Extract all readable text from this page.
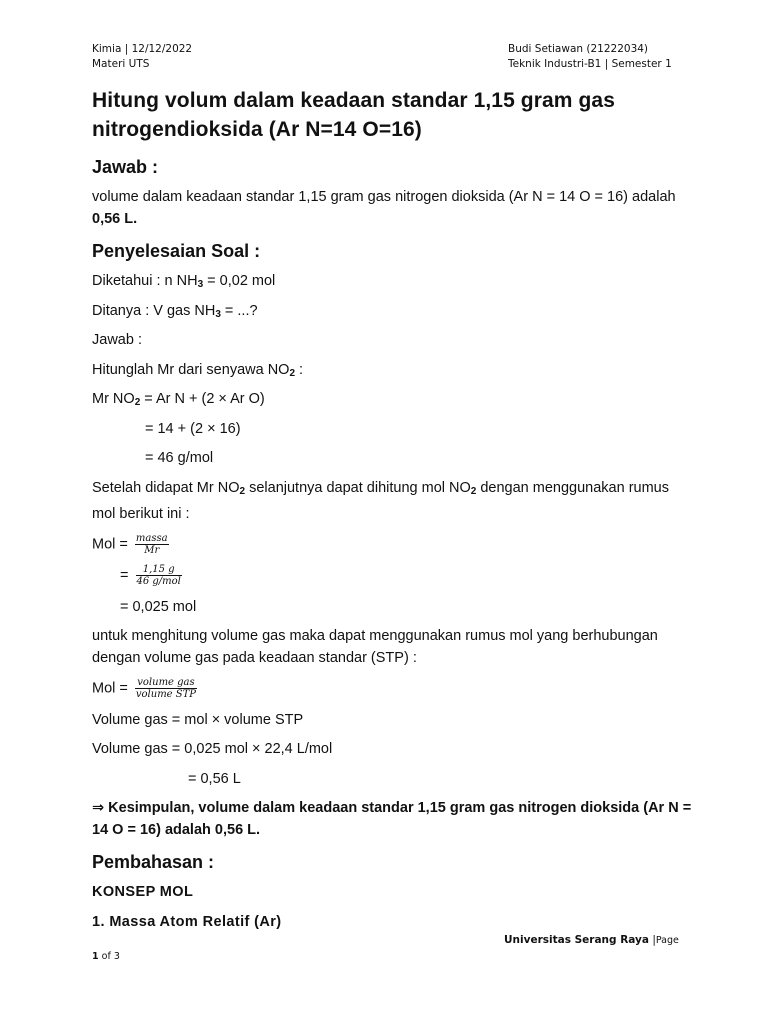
Kimia | 12/12/2022
Materi UTS
Budi Setiawan (21222034)
Teknik Industri-B1 | Semester 1
Hitung volum dalam keadaan standar 1,15 gram gas nitrogendioksida (Ar N=14 O=16)
Jawab :
volume dalam keadaan standar 1,15 gram gas nitrogen dioksida (Ar N = 14 O = 16) adalah 0,56 L.
Penyelesaian Soal :
Diketahui : n $NH_3 = 0,02$ mol
Ditanya : V gas $NH_3$ = ...?
Jawab :
Hitunglah Mr dari senyawa $NO_2$ :
Mr $NO_2 = Ar$ N + (2 × Ar O)
= 14 + (2 × 16)
= 46 g/mol
Setelah didapat Mr $NO_2$ selanjutnya dapat dihitung mol $NO_2$ dengan menggunakan rumus mol berikut ini :
Mol = $\frac{\text{massa}}{Mr}$
= $\frac{1,15 g}{\text{46 g/mol}}$
= 0,025 mol
untuk menghitung volume gas maka dapat menggunakan rumus mol yang berhubungan dengan volume gas pada keadaan standar (STP) :
Mol = $\frac{\text{volume gas}}{\text{volume STP}}$
Volume gas = mol × volume STP
Volume gas = 0,025 mol × 22,4 L/mol
= 0,56 L
⇒ Kesimpulan, volume dalam keadaan standar 1,15 gram gas nitrogen dioksida (Ar N = 14 O = 16) adalah 0,56 L.
Pembahasan :
KONSEP MOL
1. Massa Atom Relatif (Ar)
Universitas Serang Raya |Page
1 of 3
